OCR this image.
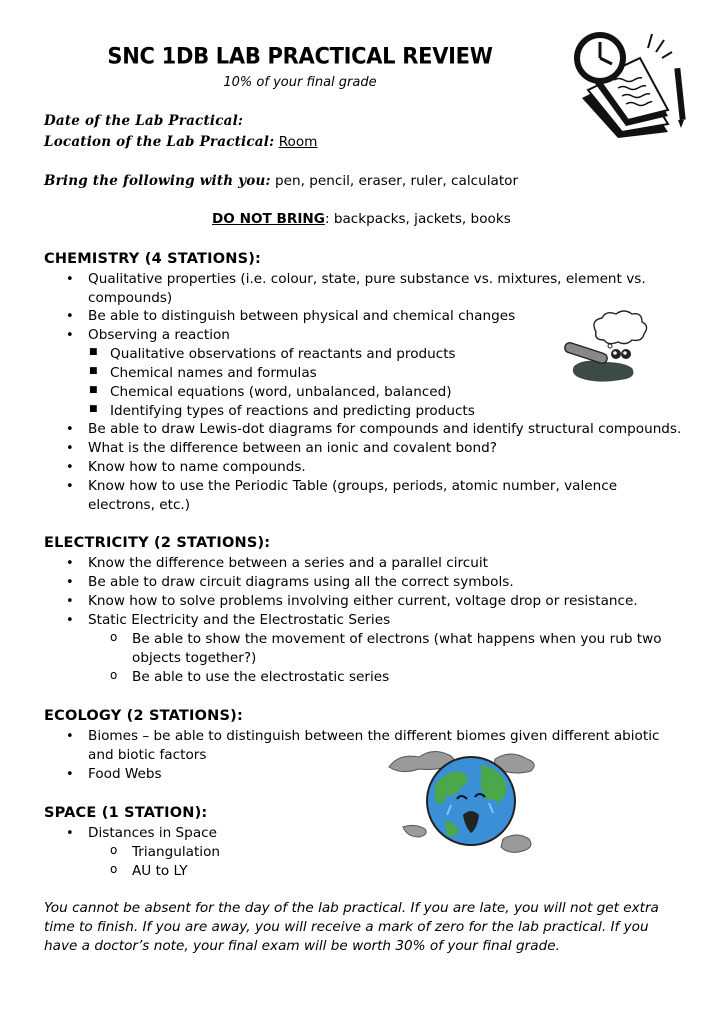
SNC 1DB LAB PRACTICAL REVIEW
10% of your final grade
Date of the Lab Practical:
Location of the Lab Practical: Room
Bring the following with you: pen, pencil, eraser, ruler, calculator
DO NOT BRING: backpacks, jackets, books
CHEMISTRY (4 STATIONS):
• Qualitative properties (i.e. colour, state, pure substance vs. mixtures, element vs.
compounds)
• Be able to distinguish between physical and chemical changes
• Observing a reaction
■ Qualitative observations of reactants and products
■ Chemical names and formulas
■ Chemical equations (word, unbalanced, balanced)
■ Identifying types of reactions and predicting products
• Be able to draw Lewis-dot diagrams for compounds and identify structural compounds.
• What is the difference between an ionic and covalent bond?
• Know how to name compounds.
• Know how to use the Periodic Table (groups, periods, atomic number, valence
electrons, etc.)
ELECTRICITY (2 STATIONS):
• Know the difference between a series and a parallel circuit
• Be able to draw circuit diagrams using all the correct symbols.
• Know how to solve problems involving either current, voltage drop or resistance.
• Static Electricity and the Electrostatic Series
o Be able to show the movement of electrons (what happens when you rub two
objects together?)
o Be able to use the electrostatic series
ECOLOGY (2 STATIONS):
• Biomes – be able to distinguish between the different biomes given different abiotic
and biotic factors
• Food Webs
SPACE (1 STATION):
• Distances in Space
o Triangulation
o AU to LY
You cannot be absent for the day of the lab practical. If you are late, you will not get extra time to finish. If you are away, you will receive a mark of zero for the lab practical. If you have a doctor’s note, your final exam will be worth 30% of your final grade.
